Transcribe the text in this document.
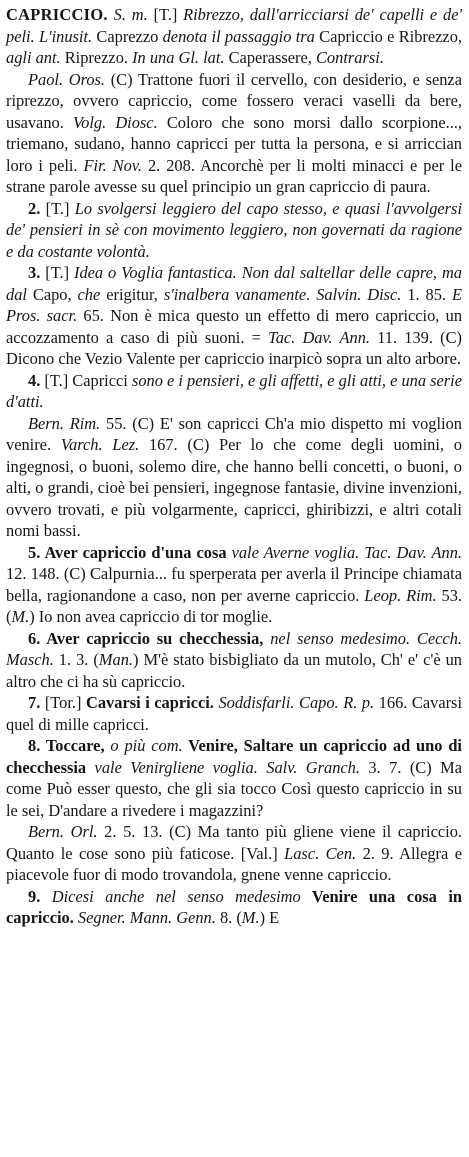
CAPRICCIO. S. m. [T.] Ribrezzo, dall'arricciarsi de' capelli e de' peli. L'inusit. Caprezzo denota il passaggio tra Capriccio e Ribrezzo, agli ant. Riprezzo. In una Gl. lat. Caperassere, Contrarsi.

Paol. Oros. (C) Trattone fuori il cervello, con desiderio, e senza riprezzo, ovvero capriccio, come fossero veraci vaselli da bere, usavano. Volg. Diosc. Coloro che sono morsi dallo scorpione..., triemano, sudano, hanno capricci per tutta la persona, e si arriccian loro i peli. Fir. Nov. 2. 208. Ancorchè per li molti minacci e per le strane parole avesse su quel principio un gran capriccio di paura.

2. [T.] Lo svolgersi leggiero del capo stesso, e quasi l'avvolgersi de' pensieri in sè con movimento leggiero, non governati da ragione e da costante volontà.

3. [T.] Idea o Voglia fantastica. Non dal saltellar delle capre, ma dal Capo, che erigitur, s'inalbera vanamente. Salvin. Disc. 1. 85. E Pros. sacr. 65. Non è mica questo un effetto di mero capriccio, un accozzamento a caso di più suoni. = Tac. Dav. Ann. 11. 139. (C) Dicono che Vezio Valente per capriccio inarpicò sopra un alto arbore.

4. [T.] Capricci sono e i pensieri, e gli affetti, e gli atti, e una serie d'atti.

Bern. Rim. 55. (C) E' son capricci Ch'a mio dispetto mi voglion venire. Varch. Lez. 167. (C) Per lo che come degli uomini, o ingegnosi, o buoni, solemo dire, che hanno belli concetti, o buoni, o alti, o grandi, cioè bei pensieri, ingegnose fantasie, divine invenzioni, ovvero trovati, e più volgarmente, capricci, ghiribizzi, e altri cotali nomi bassi.

5. Aver capriccio d'una cosa vale Averne voglia. Tac. Dav. Ann. 12. 148. (C) Calpurnia... fu sperperata per averla il Principe chiamata bella, ragionandone a caso, non per averne capriccio. Leop. Rim. 53. (M.) Io non avea capriccio di tor moglie.

6. Aver capriccio su checchessia, nel senso medesimo. Cecch. Masch. 1. 3. (Man.) M'è stato bisbigliato da un mutolo, Ch' e' c'è un altro che ci ha sù capriccio.

7. [Tor.] Cavarsi i capricci. Soddisfarli. Capo. R. p. 166. Cavarsi quel di mille capricci.

8. Toccare, o più com. Venire, Saltare un capriccio ad uno di checchessia vale Venirgliene voglia. Salv. Granch. 3. 7. (C) Ma come Può esser questo, che gli sia tocco Così questo capriccio in su le sei, D'andare a rivedere i magazzini?

Bern. Orl. 2. 5. 13. (C) Ma tanto più gliene viene il capriccio. Quanto le cose sono più faticose. [Val.] Lasc. Cen. 2. 9. Allegra e piacevole fuor di modo trovandola, gnene venne capriccio.

9. Dicesi anche nel senso medesimo Venire una cosa in capriccio. Segner. Mann. Genn. 8. (M.) E
